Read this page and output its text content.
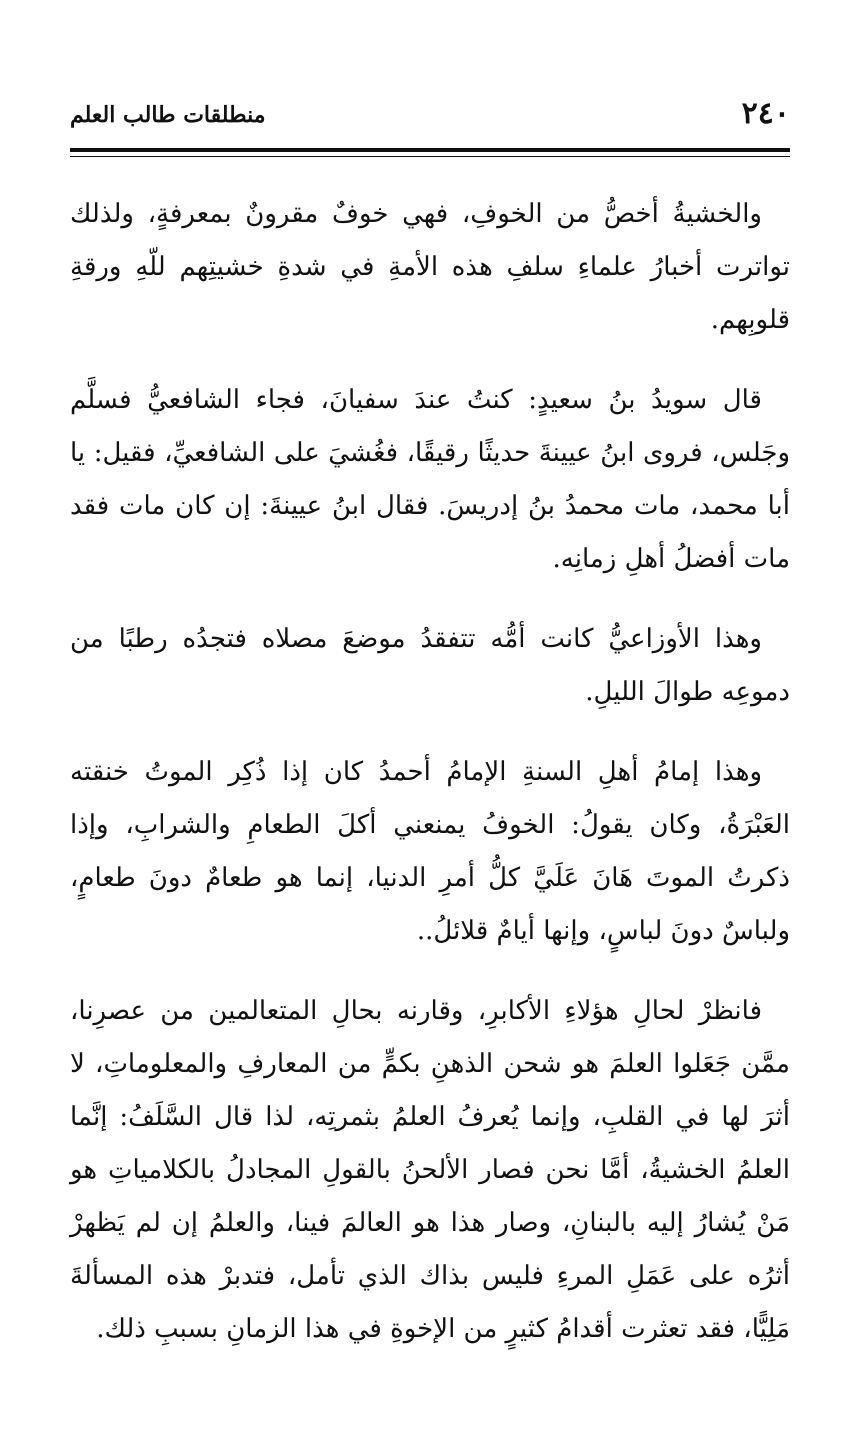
٢٤٠
منطلقات طالب العلم

والخشيةُ أخصُّ من الخوفِ، فهي خوفٌ مقرونٌ بمعرفةٍ، ولذلك تواترت أخبارُ علماءِ سلفِ هذه الأمةِ في شدةِ خشيتِهم للّهِ ورقةِ قلوبِهم.

قال سويدُ بنُ سعيدٍ: كنتُ عندَ سفيانَ، فجاء الشافعيُّ فسلَّم وجَلس، فروى ابنُ عيينةَ حديثًا رقيقًا، فغُشيَ على الشافعيِّ، فقيل: يا أبا محمد، مات محمدُ بنُ إدريسَ. فقال ابنُ عيينةَ: إن كان مات فقد مات أفضلُ أهلِ زمانِه.

وهذا الأوزاعيُّ كانت أمُّه تتفقدُ موضعَ مصلاه فتجدُه رطبًا من دموعِه طوالَ الليلِ.

وهذا إمامُ أهلِ السنةِ الإمامُ أحمدُ كان إذا ذُكِر الموتُ خنقته العَبْرَةُ، وكان يقولُ: الخوفُ يمنعني أكلَ الطعامِ والشرابِ، وإذا ذكرتُ الموتَ هَانَ عَلَيَّ كلُّ أمرِ الدنيا، إنما هو طعامٌ دونَ طعامٍ، ولباسٌ دونَ لباسٍ، وإنها أيامٌ قلائلُ..

فانظرْ لحالِ هؤلاءِ الأكابرِ، وقارنه بحالِ المتعالمين من عصرِنا، ممَّن جَعَلوا العلمَ هو شحن الذهنِ بكمٍّ من المعارفِ والمعلوماتِ، لا أثرَ لها في القلبِ، وإنما يُعرفُ العلمُ بثمرتِه، لذا قال السَّلَفُ: إنَّما العلمُ الخشيةُ، أمَّا نحن فصار الألحنُ بالقولِ المجادلُ بالكلامياتِ هو مَنْ يُشارُ إليه بالبنانِ، وصار هذا هو العالمَ فينا، والعلمُ إن لم يَظهرْ أثرُه على عَمَلِ المرءِ فليس بذاك الذي تأمل، فتدبرْ هذه المسألةَ مَلِيًّا، فقد تعثرت أقدامُ كثيرٍ من الإخوةِ في هذا الزمانِ بسببِ ذلك.
